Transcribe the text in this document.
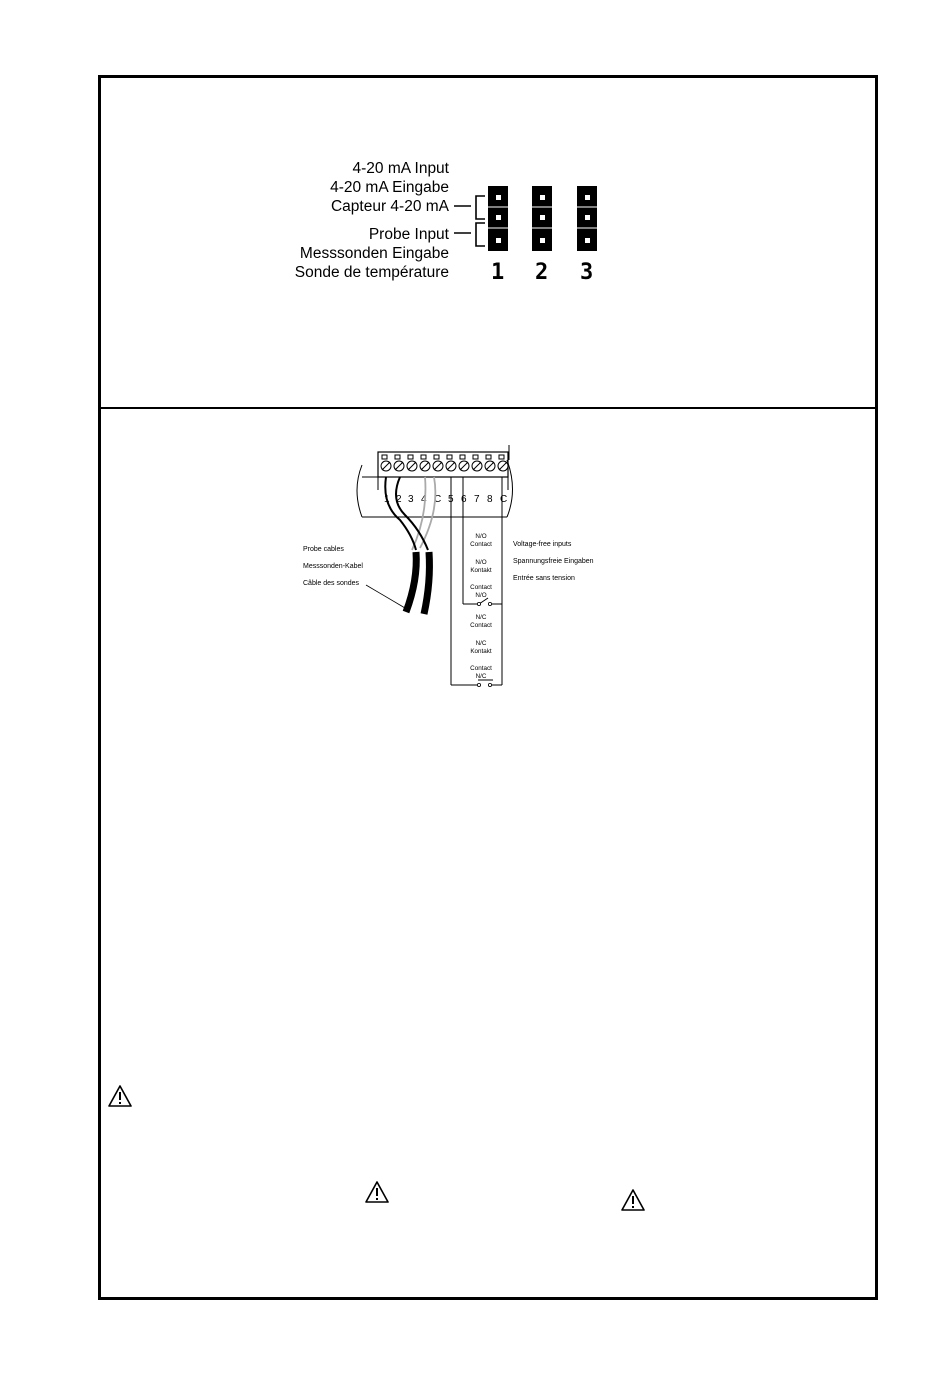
4-20 mA Input
4-20 mA Eingabe
Capteur 4-20 mA
Probe Input
Messsonden Eingabe
Sonde de température 1 2 3
1 2 3 4 C 5 6 7 8 C
Probe cables
Messsonden-Kabel
Câble des sondes
N/O
Contact
N/O
Kontakt
Contact
N/O
N/C
Contact
N/C
Kontakt
Contact
N/C
Voltage-free inputs
Spannungsfreie Eingaben
Entrée sans tension
